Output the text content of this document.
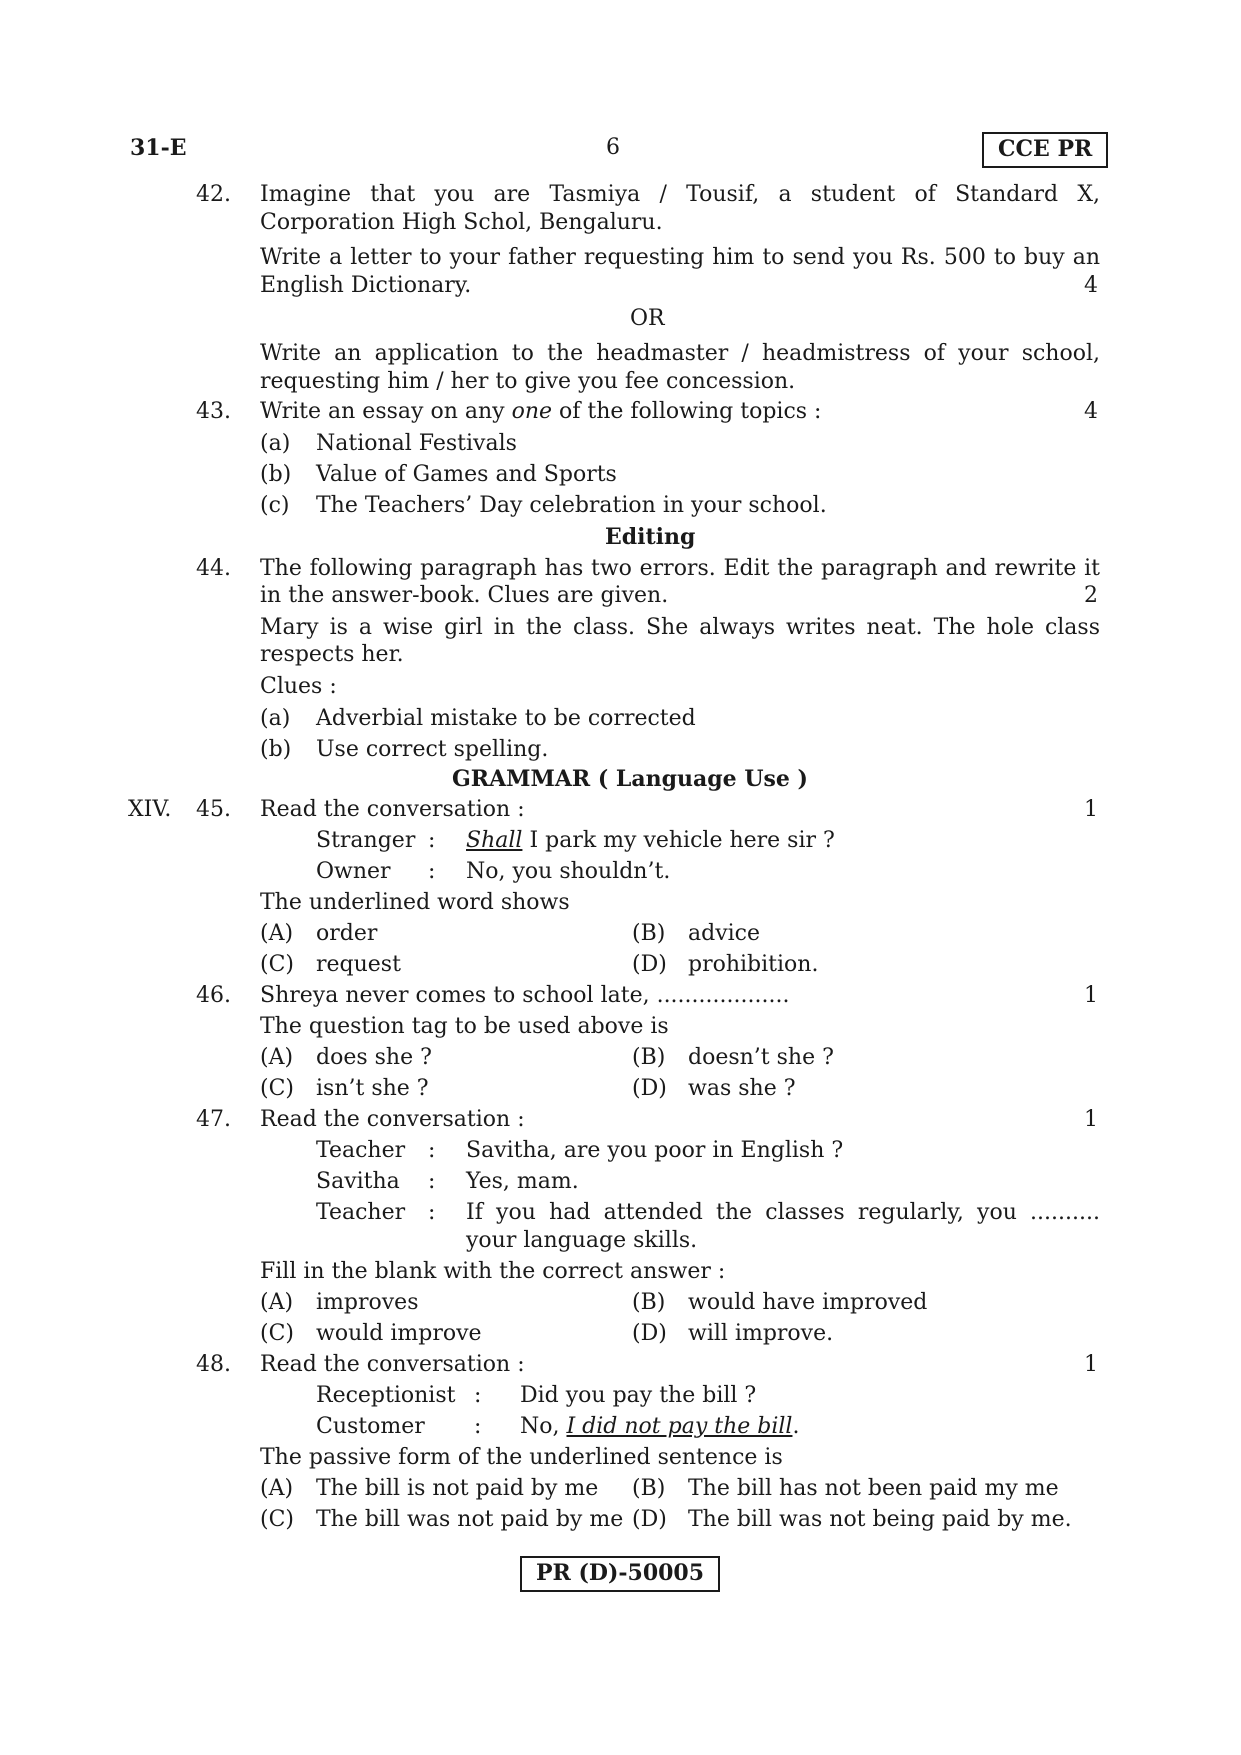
31-E	6	CCE PR
42. Imagine that you are Tasmiya / Tousif, a student of Standard X,
Corporation High Schol, Bengaluru.
Write a letter to your father requesting him to send you Rs. 500 to buy an
English Dictionary.	4
OR
Write an application to the headmaster / headmistress of your school,
requesting him / her to give you fee concession.
43. Write an essay on any one of the following topics :	4
(a) National Festivals
(b) Value of Games and Sports
(c) The Teachers’ Day celebration in your school.
Editing
44. The following paragraph has two errors. Edit the paragraph and rewrite it
in the answer-book. Clues are given.	2
Mary is a wise girl in the class. She always writes neat. The hole class
respects her.
Clues :
(a) Adverbial mistake to be corrected
(b) Use correct spelling.
GRAMMAR ( Language Use )
XIV. 45. Read the conversation :	1
Stranger : Shall I park my vehicle here sir ?
Owner : No, you shouldn’t.
The underlined word shows
(A) order	(B) advice
(C) request	(D) prohibition.
46. Shreya never comes to school late, ...................	1
The question tag to be used above is
(A) does she ?	(B) doesn’t she ?
(C) isn’t she ?	(D) was she ?
47. Read the conversation :	1
Teacher : Savitha, are you poor in English ?
Savitha : Yes, mam.
Teacher : If you had attended the classes regularly, you ..........
your language skills.
Fill in the blank with the correct answer :
(A) improves	(B) would have improved
(C) would improve	(D) will improve.
48. Read the conversation :	1
Receptionist : Did you pay the bill ?
Customer : No, I did not pay the bill.
The passive form of the underlined sentence is
(A) The bill is not paid by me (B) The bill has not been paid my me
(C) The bill was not paid by me (D) The bill was not being paid by me.
PR (D)-50005
